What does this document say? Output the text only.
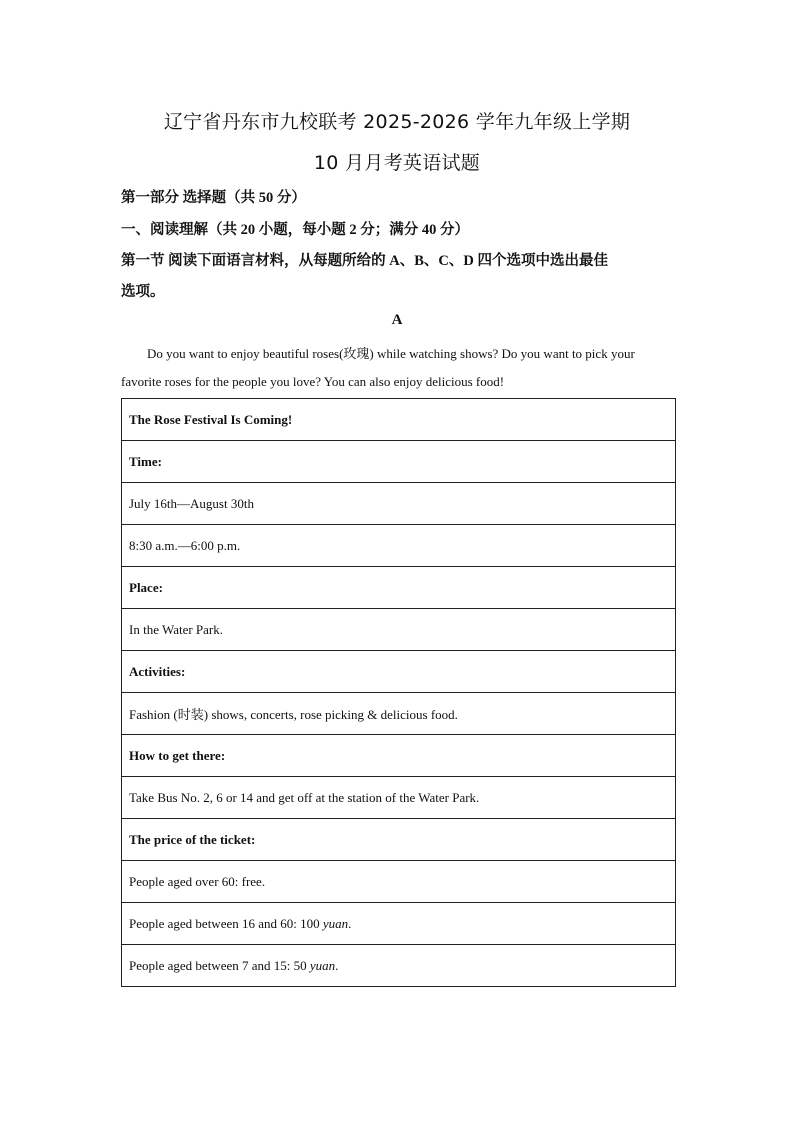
辽宁省丹东市九校联考 2025-2026 学年九年级上学期
10 月月考英语试题
第一部分 选择题（共 50 分）
一、阅读理解（共 20 小题，每小题 2 分；满分 40 分）
第一节 阅读下面语言材料，从每题所给的 A、B、C、D 四个选项中选出最佳
选项。
A
Do you want to enjoy beautiful roses(玫瑰) while watching shows? Do you want to pick your
favorite roses for the people you love? You can also enjoy delicious food!
The Rose Festival Is Coming!
Time:
July 16th—August 30th
8:30 a.m.—6:00 p.m.
Place:
In the Water Park.
Activities:
Fashion (时装) shows, concerts, rose picking & delicious food.
How to get there:
Take Bus No. 2, 6 or 14 and get off at the station of the Water Park.
The price of the ticket:
People aged over 60: free.
People aged between 16 and 60: 100 yuan.
People aged between 7 and 15: 50 yuan.
